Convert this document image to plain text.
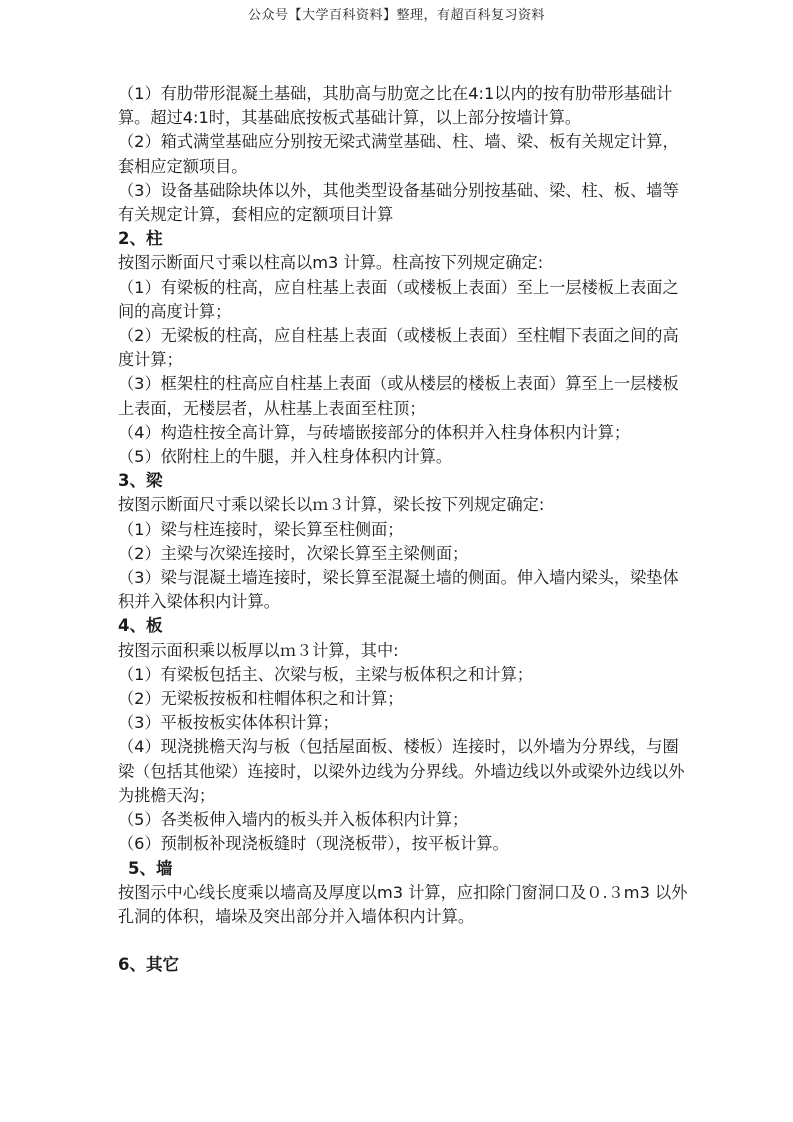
公众号【大学百科资料】整理，有超百科复习资料

（1）有肋带形混凝土基础，其肋高与肋宽之比在4:1以内的按有肋带形基础计算。超过4:1时，其基础底按板式基础计算，以上部分按墙计算。

（2）箱式满堂基础应分别按无梁式满堂基础、柱、墙、梁、板有关规定计算，套相应定额项目。

（3）设备基础除块体以外，其他类型设备基础分别按基础、梁、柱、板、墙等有关规定计算，套相应的定额项目计算

2、柱

按图示断面尺寸乘以柱高以m3 计算。柱高按下列规定确定:

（1）有梁板的柱高，应自柱基上表面（或楼板上表面）至上一层楼板上表面之间的高度计算；

（2）无梁板的柱高，应自柱基上表面（或楼板上表面）至柱帽下表面之间的高度计算；

（3）框架柱的柱高应自柱基上表面（或从楼层的楼板上表面）算至上一层楼板上表面，无楼层者，从柱基上表面至柱顶；

（4）构造柱按全高计算，与砖墙嵌接部分的体积并入柱身体积内计算；

（5）依附柱上的牛腿，并入柱身体积内计算。

3、梁

按图示断面尺寸乘以梁长以ｍ３计算，梁长按下列规定确定:

（1）梁与柱连接时，梁长算至柱侧面；

（2）主梁与次梁连接时，次梁长算至主梁侧面；

（3）梁与混凝土墙连接时，梁长算至混凝土墙的侧面。伸入墙内梁头，梁垫体积并入梁体积内计算。

4、板

按图示面积乘以板厚以ｍ３计算，其中:

（1）有梁板包括主、次梁与板，主梁与板体积之和计算；

（2）无梁板按板和柱帽体积之和计算；

（3）平板按板实体体积计算；

（4）现浇挑檐天沟与板（包括屋面板、楼板）连接时，以外墙为分界线，与圈梁（包括其他梁）连接时，以梁外边线为分界线。外墙边线以外或梁外边线以外为挑檐天沟；

（5）各类板伸入墙内的板头并入板体积内计算；

（6）预制板补现浇板缝时（现浇板带），按平板计算。

5、墙

按图示中心线长度乘以墙高及厚度以m3 计算，应扣除门窗洞口及０.３m3 以外孔洞的体积，墙垛及突出部分并入墙体积内计算。

6、其它
